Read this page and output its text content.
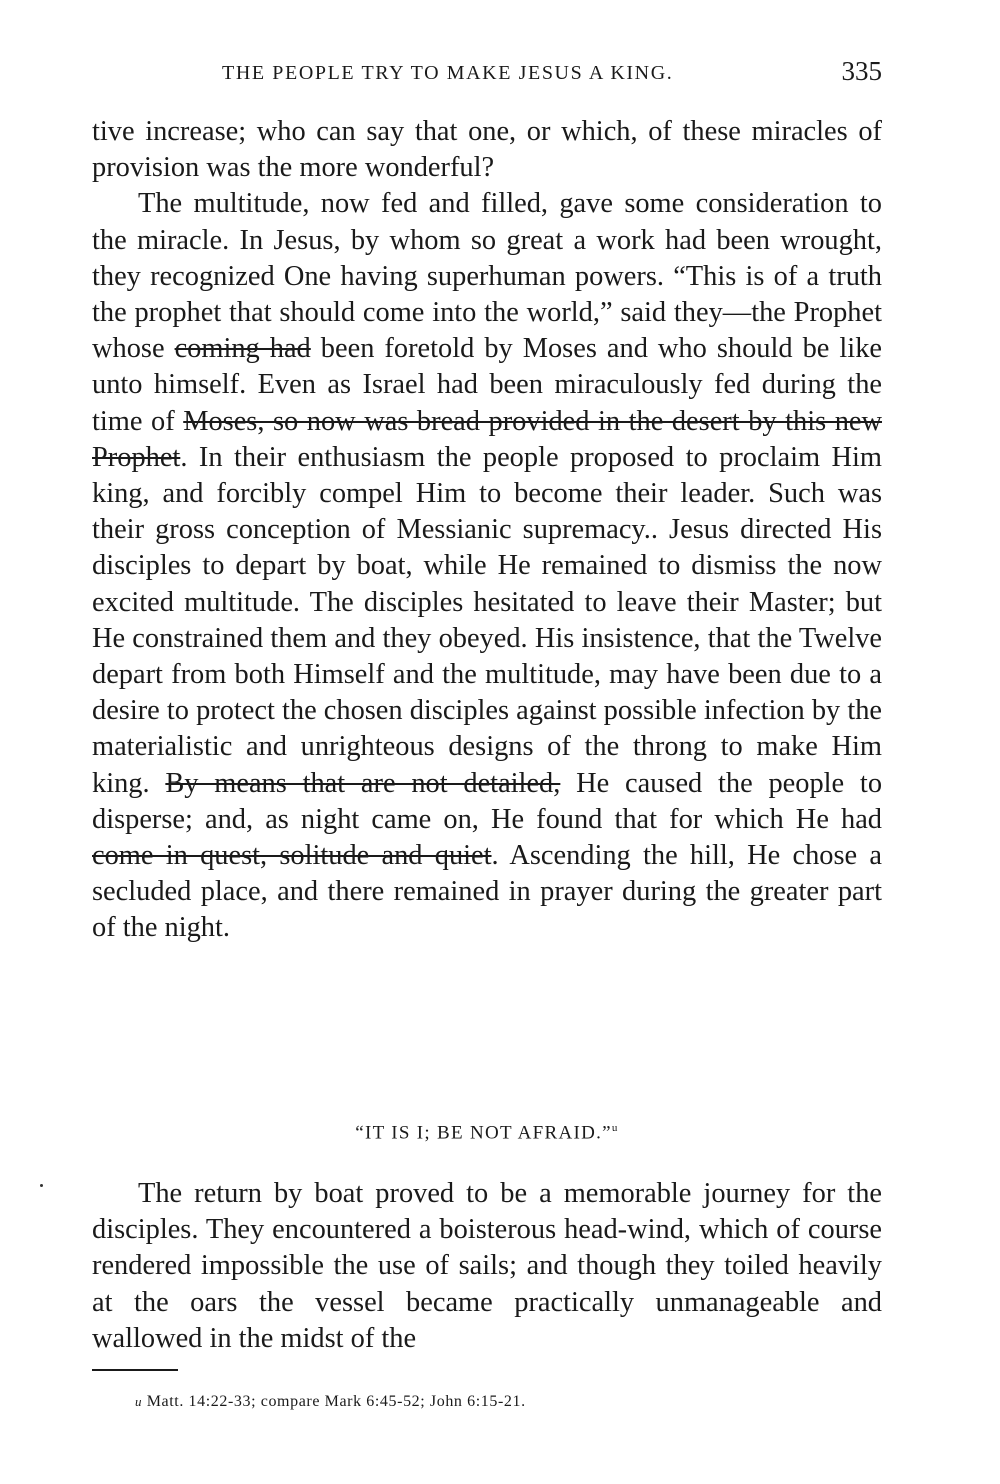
THE PEOPLE TRY TO MAKE JESUS A KING.	335

tive increase; who can say that one, or which, of these miracles of provision was the more wonderful?

The multitude, now fed and filled, gave some consideration to the miracle. In Jesus, by whom so great a work had been wrought, they recognized One having superhuman powers. “This is of a truth the prophet that should come into the world,” said they—the Prophet whose coming had been foretold by Moses and who should be like unto himself. Even as Israel had been miraculously fed during the time of Moses, so now was bread provided in the desert by this new Prophet. In their enthusiasm the people proposed to proclaim Him king, and forcibly compel Him to become their leader. Such was their gross conception of Messianic supremacy.. Jesus directed His disciples to depart by boat, while He remained to dismiss the now excited multitude. The disciples hesitated to leave their Master; but He constrained them and they obeyed. His insistence, that the Twelve depart from both Himself and the multitude, may have been due to a desire to protect the chosen disciples against possible infection by the materialistic and unrighteous designs of the throng to make Him king. By means that are not detailed, He caused the people to disperse; and, as night came on, He found that for which He had come in quest, solitude and quiet. Ascending the hill, He chose a secluded place, and there remained in prayer during the greater part of the night.

“IT IS I; BE NOT AFRAID.”$^u$

The return by boat proved to be a memorable journey for the disciples. They encountered a boisterous head-wind, which of course rendered impossible the use of sails; and though they toiled heavily at the oars the vessel became practically unmanageable and wallowed in the midst of the

u Matt. 14:22-33; compare Mark 6:45-52; John 6:15-21.
